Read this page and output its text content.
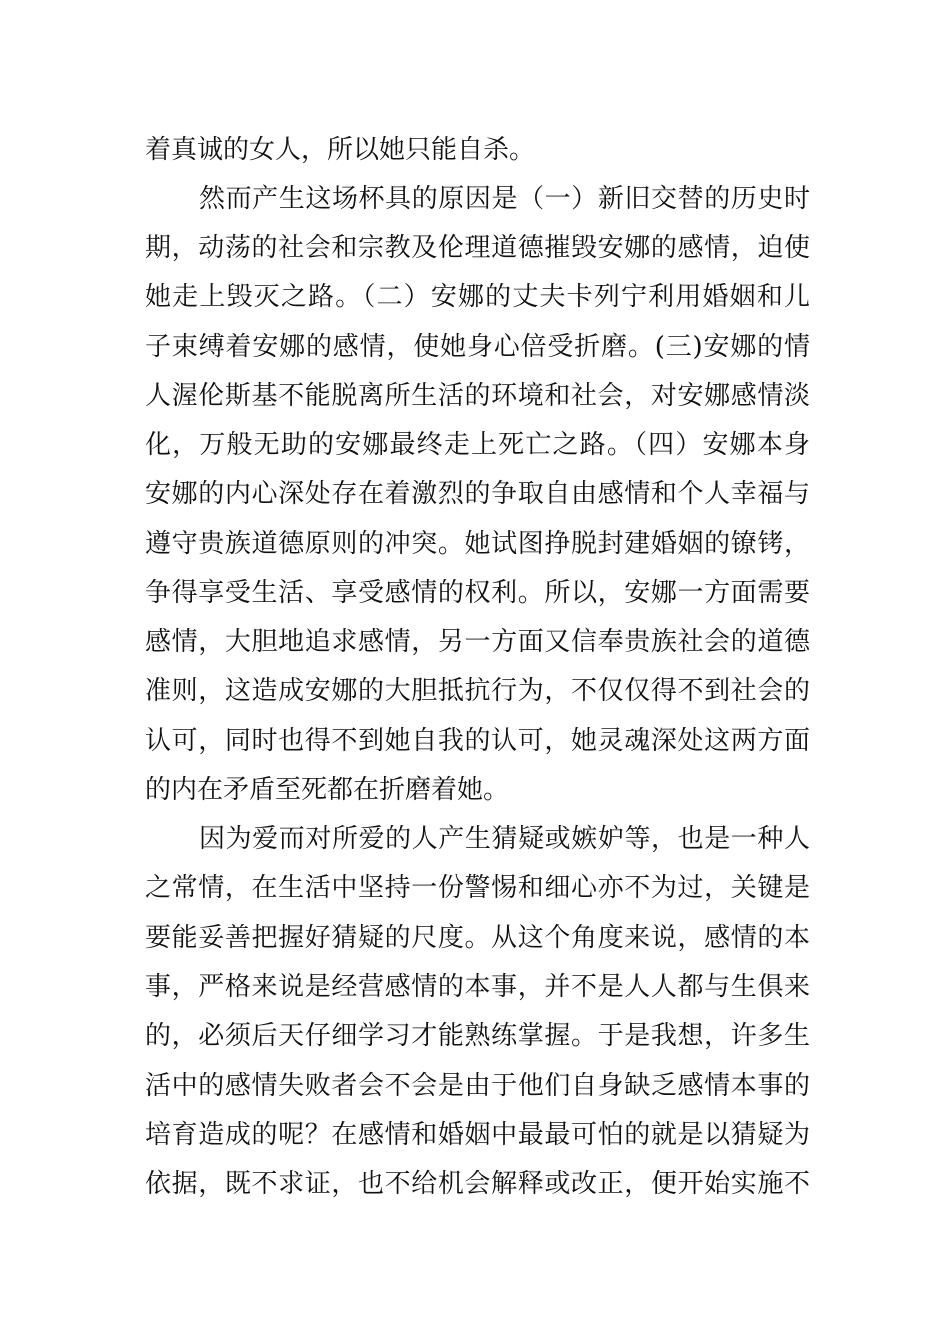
着真诚的女人，所以她只能自杀。
然而产生这场杯具的原因是（一）新旧交替的历史时
期，动荡的社会和宗教及伦理道德摧毁安娜的感情，迫使
她走上毁灭之路。（二）安娜的丈夫卡列宁利用婚姻和儿
子束缚着安娜的感情，使她身心倍受折磨。(三)安娜的情
人渥伦斯基不能脱离所生活的环境和社会，对安娜感情淡
化，万般无助的安娜最终走上死亡之路。（四）安娜本身
安娜的内心深处存在着激烈的争取自由感情和个人幸福与
遵守贵族道德原则的冲突。她试图挣脱封建婚姻的镣铐，
争得享受生活、享受感情的权利。所以，安娜一方面需要
感情，大胆地追求感情，另一方面又信奉贵族社会的道德
准则，这造成安娜的大胆抵抗行为，不仅仅得不到社会的
认可，同时也得不到她自我的认可，她灵魂深处这两方面
的内在矛盾至死都在折磨着她。
因为爱而对所爱的人产生猜疑或嫉妒等，也是一种人
之常情，在生活中坚持一份警惕和细心亦不为过，关键是
要能妥善把握好猜疑的尺度。从这个角度来说，感情的本
事，严格来说是经营感情的本事，并不是人人都与生俱来
的，必须后天仔细学习才能熟练掌握。于是我想，许多生
活中的感情失败者会不会是由于他们自身缺乏感情本事的
培育造成的呢？在感情和婚姻中最最可怕的就是以猜疑为
依据，既不求证，也不给机会解释或改正，便开始实施不
